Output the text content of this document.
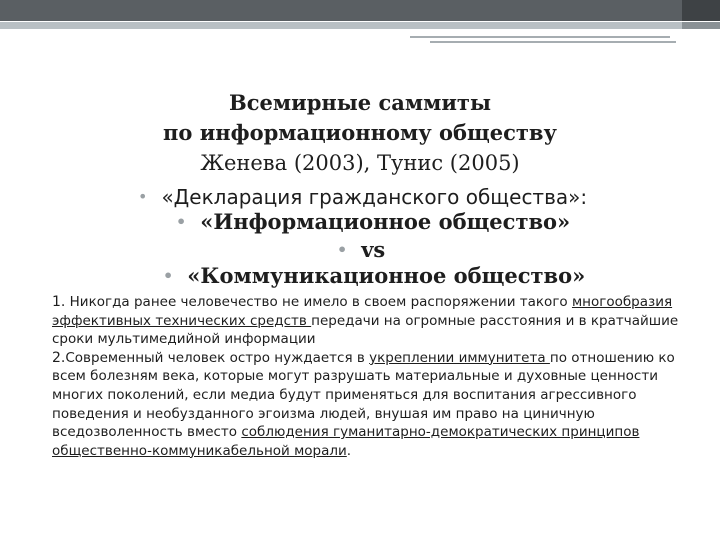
Всемирные саммиты
по информационному обществу
Женева (2003), Тунис (2005)
• «Декларация гражданского общества»:
• «Информационное общество»
• vs
• «Коммуникационное общество»

1. Никогда ранее человечество не имело в своем распоряжении такого многообразия эффективных технических средств передачи на огромные расстояния и в кратчайшие сроки мультимедийной информации

2.Современный человек остро нуждается в укреплении иммунитета по отношению ко всем болезням века, которые могут разрушать материальные и духовные ценности многих поколений, если медиа будут применяться для воспитания агрессивного поведения и необузданного эгоизма людей, внушая им право на циничную вседозволенность вместо соблюдения гуманитарно-демократических принципов общественно-коммуникабельной морали.
